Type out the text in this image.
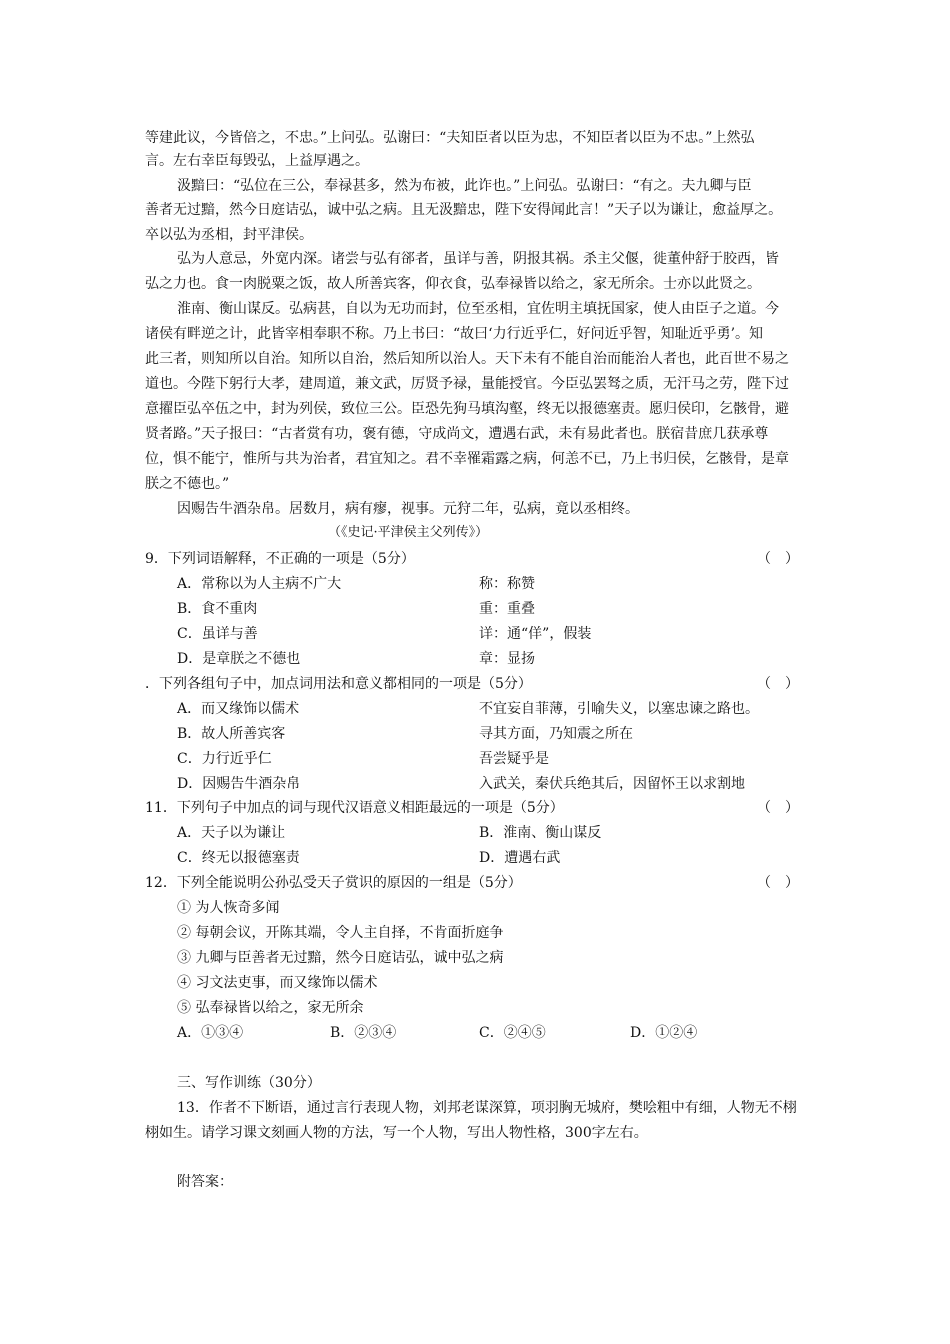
等建此议，今皆倍之，不忠。”上问弘。弘谢曰：“夫知臣者以臣为忠，不知臣者以臣为不忠。”上然弘
言。左右幸臣每毁弘，上益厚遇之。
汲黯曰：“弘位在三公，奉禄甚多，然为布被，此诈也。”上问弘。弘谢曰：“有之。夫九卿与臣
善者无过黯，然今日庭诘弘，诚中弘之病。且无汲黯忠，陛下安得闻此言！”天子以为谦让，愈益厚之。
卒以弘为丞相，封平津侯。
弘为人意忌，外宽内深。诸尝与弘有郤者，虽详与善，阴报其祸。杀主父偃，徙董仲舒于胶西，皆
弘之力也。食一肉脱粟之饭，故人所善宾客，仰衣食，弘奉禄皆以给之，家无所余。士亦以此贤之。
淮南、衡山谋反。弘病甚，自以为无功而封，位至丞相，宜佐明主填抚国家，使人由臣子之道。今
诸侯有畔逆之计，此皆宰相奉职不称。乃上书曰：“故曰‘力行近乎仁，好问近乎智，知耻近乎勇’。知
此三者，则知所以自治。知所以自治，然后知所以治人。天下未有不能自治而能治人者也，此百世不易之
道也。今陛下躬行大孝，建周道，兼文武，厉贤予禄，量能授官。今臣弘罢驽之质，无汗马之劳，陛下过
意擢臣弘卒伍之中，封为列侯，致位三公。臣恐先狗马填沟壑，终无以报德塞责。愿归侯印，乞骸骨，避
贤者路。”天子报曰：“古者赏有功，褒有德，守成尚文，遭遇右武，未有易此者也。朕宿昔庶几获承尊
位，惧不能宁，惟所与共为治者，君宜知之。君不幸罹霜露之病，何恙不已，乃上书归侯，乞骸骨，是章
朕之不德也。”
因赐告牛酒杂帛。居数月，病有瘳，视事。元狩二年，弘病，竟以丞相终。
（《史记·平津侯主父列传》）
9．下列词语解释，不正确的一项是（5分）	（　）
A．常称以为人主病不广大	称：称赞
B．食不重肉	重：重叠
C．虽详与善	详：通“佯”，假装
D．是章朕之不德也	章：显扬
．下列各组句子中，加点词用法和意义都相同的一项是（5分）	（　）
A．而又缘饰以儒术	不宜妄自菲薄，引喻失义，以塞忠谏之路也。
B．故人所善宾客	寻其方面，乃知震之所在
C．力行近乎仁	吾尝疑乎是
D．因赐告牛酒杂帛	入武关，秦伏兵绝其后，因留怀王以求割地
11．下列句子中加点的词与现代汉语意义相距最远的一项是（5分）	（　）
A．天子以为谦让	B．淮南、衡山谋反
C．终无以报德塞责	D．遭遇右武
12．下列全能说明公孙弘受天子赏识的原因的一组是（5分）	（　）
① 为人恢奇多闻
② 每朝会议，开陈其端，令人主自择，不肯面折庭争
③ 九卿与臣善者无过黯，然今日庭诘弘，诚中弘之病
④ 习文法吏事，而又缘饰以儒术
⑤ 弘奉禄皆以给之，家无所余
A．①③④	B．②③④	C．②④⑤	D．①②④
三、写作训练（30分）
13．作者不下断语，通过言行表现人物，刘邦老谋深算，项羽胸无城府，樊哙粗中有细，人物无不栩
栩如生。请学习课文刻画人物的方法，写一个人物，写出人物性格，300字左右。
附答案：
